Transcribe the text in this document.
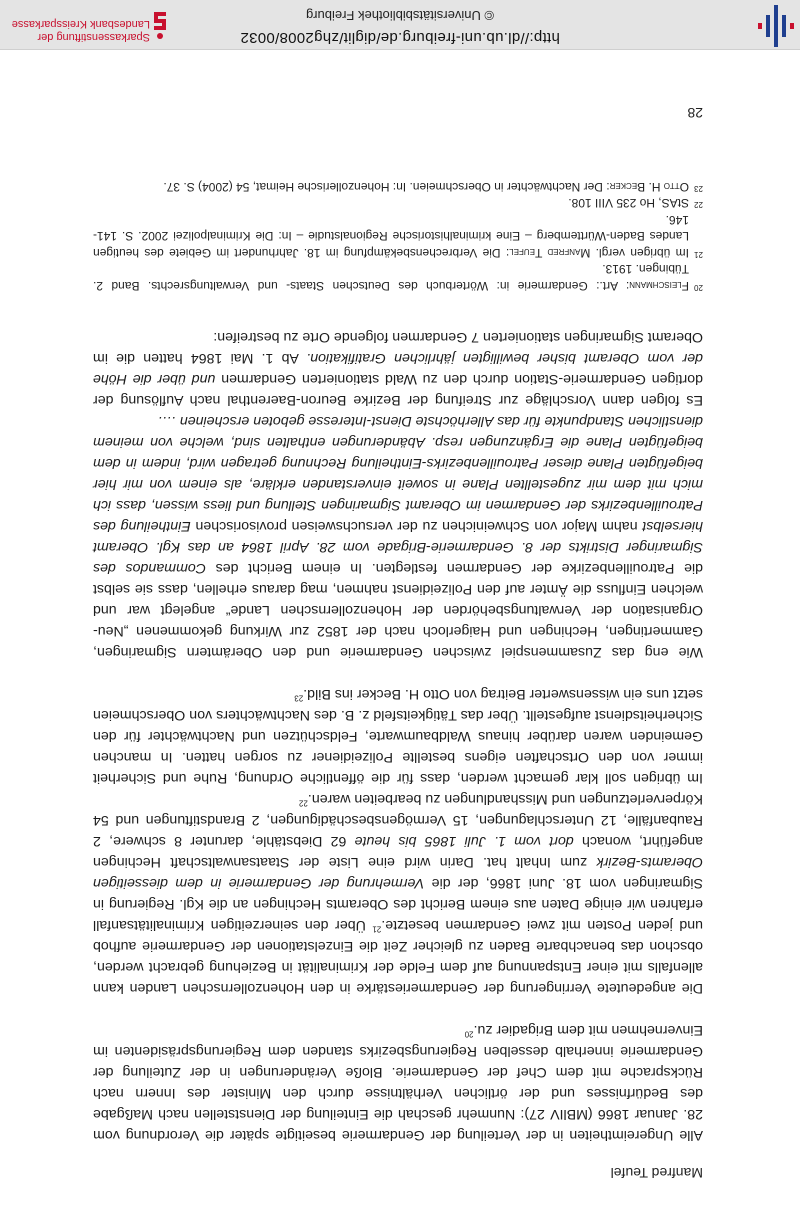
Manfred Teufel

Alle Ungereimtheiten in der Verteilung der Gendarmerie beseitigte später die Verordnung vom 28. Januar 1866 (MBlIV 27): Nunmehr geschah die Einteilung der Dienststellen nach Maßgabe des Bedürfnisses und der örtlichen Verhältnisse durch den Minister des Innern nach Rücksprache mit dem Chef der Gendarmerie. Bloße Veränderungen in der Zuteilung der Gendarmerie innerhalb desselben Regierungsbezirks standen dem Regierungspräsidenten im Einvernehmen mit dem Brigadier zu.$^{20}$

Die angedeutete Verringerung der Gendarmeriestärke in den Hohenzollernschen Landen kann allenfalls mit einer Entspannung auf dem Felde der Kriminalität in Beziehung gebracht werden, obschon das benachbarte Baden zu gleicher Zeit die Einzelstationen der Gendarmerie aufhob und jeden Posten mit zwei Gendarmen besetzte.$^{21}$ Über den seinerzeitigen Kriminalitätsanfall erfahren wir einige Daten aus einem Bericht des Oberamts Hechingen an die Kgl. Regierung in Sigmaringen vom 18. Juni 1866, der die Vermehrung der Gendarmerie in dem diesseitigen Oberamts-Bezirk zum Inhalt hat. Darin wird eine Liste der Staatsanwaltschaft Hechingen angeführt, wonach dort vom 1. Juli 1865 bis heute 62 Diebstähle, darunter 8 schwere, 2 Raubanfälle, 12 Unterschlagungen, 15 Vermögensbeschädigungen, 2 Brandstiftungen und 54 Körperverletzungen und Misshandlungen zu bearbeiten waren.$^{22}$

Im übrigen soll klar gemacht werden, dass für die öffentliche Ordnung, Ruhe und Sicherheit immer von den Ortschaften eigens bestellte Polizeidiener zu sorgen hatten. In manchen Gemeinden waren darüber hinaus Waldbaumwarte, Feldschützen und Nachtwächter für den Sicherheitsdienst aufgestellt. Über das Tätigkeitsfeld z. B. des Nachtwächters von Oberschmeien setzt uns ein wissenswerter Beitrag von Otto H. Becker ins Bild.$^{23}$

Wie eng das Zusammenspiel zwischen Gendarmerie und den Oberämtern Sigmaringen, Gammertingen, Hechingen und Haigerloch nach der 1852 zur Wirkung gekommenen „Neu-Organisation der Verwaltungsbehörden der Hohenzollernschen Lande“ angelegt war und welchen Einfluss die Ämter auf den Polizeidienst nahmen, mag daraus erhellen, dass sie selbst die Patrouillenbezirke der Gendarmen festlegten. In einem Bericht des Commandos des Sigmaringer Distrikts der 8. Gendarmerie-Brigade vom 28. April 1864 an das Kgl. Oberamt hierselbst nahm Major von Schweinichen zu der versuchsweisen provisorischen Eintheilung des Patrouillenbezirks der Gendarmen im Oberamt Sigmaringen Stellung und liess wissen, dass ich mich mit dem mir zugestellten Plane in soweit einverstanden erkläre, als einem von mir hier beigefügten Plane dieser Patrouillenbezirks-Eintheilung Rechnung getragen wird, indem in dem beigefügten Plane die Ergänzungen resp. Abänderungen enthalten sind, welche von meinem dienstlichen Standpunkte für das Allerhöchste Dienst-Interesse geboten erscheinen ….

Es folgen dann Vorschläge zur Streifung der Bezirke Beuron-Baerenthal nach Auflösung der dortigen Gendarmerie-Station durch den zu Wald stationierten Gendarmen und über die Höhe der vom Oberamt bisher bewilligten jährlichen Gratifikation. Ab 1. Mai 1864 hatten die im Oberamt Sigmaringen stationierten 7 Gendarmen folgende Orte zu bestreifen:

20
Fleischmann: Art.: Gendarmerie in: Wörterbuch des Deutschen Staats- und Verwaltungsrechts. Band 2. Tübingen. 1913.
21
Im übrigen vergl. Manfred Teufel: Die Verbrechensbekämpfung im 18. Jahrhundert im Gebiete des heutigen Landes Baden-Württemberg – Eine kriminalhistorische Regionalstudie – In: Die Kriminalpolizei 2002. S. 141-146.
22
StAS, Ho 235 VIII 108.
23
Otto H. Becker: Der Nachtwächter in Oberschmeien. In: Hohenzollerische Heimat, 54 (2004) S. 37.
28
http://dl.ub.uni-freiburg.de/diglit/zhg2008/0032
© Universitätsbibliothek Freiburg
Sparkassenstiftung der
Landesbank Kreissparkasse
